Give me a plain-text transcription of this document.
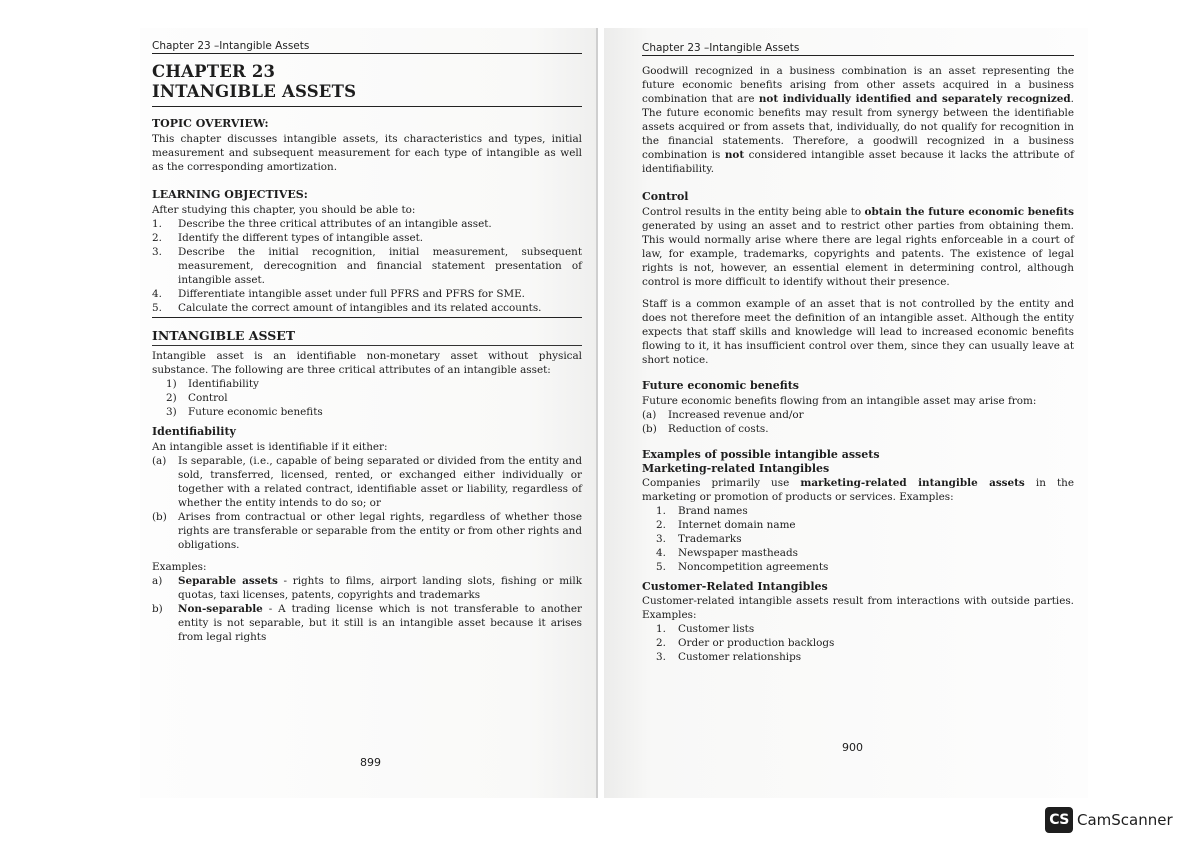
Chapter 23 –Intangible Assets
CHAPTER 23
INTANGIBLE ASSETS
TOPIC OVERVIEW:

This chapter discusses intangible assets, its characteristics and types, initial measurement and subsequent measurement for each type of intangible as well as the corresponding amortization.

LEARNING OBJECTIVES:
After studying this chapter, you should be able to:
1.	Describe the three critical attributes of an intangible asset.
2.	Identify the different types of intangible asset.
3.	Describe the initial recognition, initial measurement, subsequent measurement, derecognition and financial statement presentation of intangible asset.
4.	Differentiate intangible asset under full PFRS and PFRS for SME.
5.	Calculate the correct amount of intangibles and its related accounts.
INTANGIBLE ASSET

Intangible asset is an identifiable non-monetary asset without physical substance. The following are three critical attributes of an intangible asset:

1)	Identifiability
2)	Control
3)	Future economic benefits
Identifiability
An intangible asset is identifiable if it either:
(a)	Is separable, (i.e., capable of being separated or divided from the entity and sold, transferred, licensed, rented, or exchanged either individually or together with a related contract, identifiable asset or liability, regardless of whether the entity intends to do so; or
(b)	Arises from contractual or other legal rights, regardless of whether those rights are transferable or separable from the entity or from other rights and obligations.
Examples:
a)	Separable assets - rights to films, airport landing slots, fishing or milk quotas, taxi licenses, patents, copyrights and trademarks
b)	Non-separable - A trading license which is not transferable to another entity is not separable, but it still is an intangible asset because it arises from legal rights
899
Chapter 23 –Intangible Assets

Goodwill recognized in a business combination is an asset representing the future economic benefits arising from other assets acquired in a business combination that are not individually identified and separately recognized. The future economic benefits may result from synergy between the identifiable assets acquired or from assets that, individually, do not qualify for recognition in the financial statements. Therefore, a goodwill recognized in a business combination is not considered intangible asset because it lacks the attribute of identifiability.

Control

Control results in the entity being able to obtain the future economic benefits generated by using an asset and to restrict other parties from obtaining them. This would normally arise where there are legal rights enforceable in a court of law, for example, trademarks, copyrights and patents. The existence of legal rights is not, however, an essential element in determining control, although control is more difficult to identify without their presence.

Staff is a common example of an asset that is not controlled by the entity and does not therefore meet the definition of an intangible asset. Although the entity expects that staff skills and knowledge will lead to increased economic benefits flowing to it, it has insufficient control over them, since they can usually leave at short notice.

Future economic benefits
Future economic benefits flowing from an intangible asset may arise from:
(a)	Increased revenue and/or
(b)	Reduction of costs.
Examples of possible intangible assets
Marketing-related Intangibles

Companies primarily use marketing-related intangible assets in the marketing or promotion of products or services. Examples:

1.	Brand names
2.	Internet domain name
3.	Trademarks
4.	Newspaper mastheads
5.	Noncompetition agreements
Customer-Related Intangibles

Customer-related intangible assets result from interactions with outside parties. Examples:

1.	Customer lists
2.	Order or production backlogs
3.	Customer relationships
900
CS CamScanner
